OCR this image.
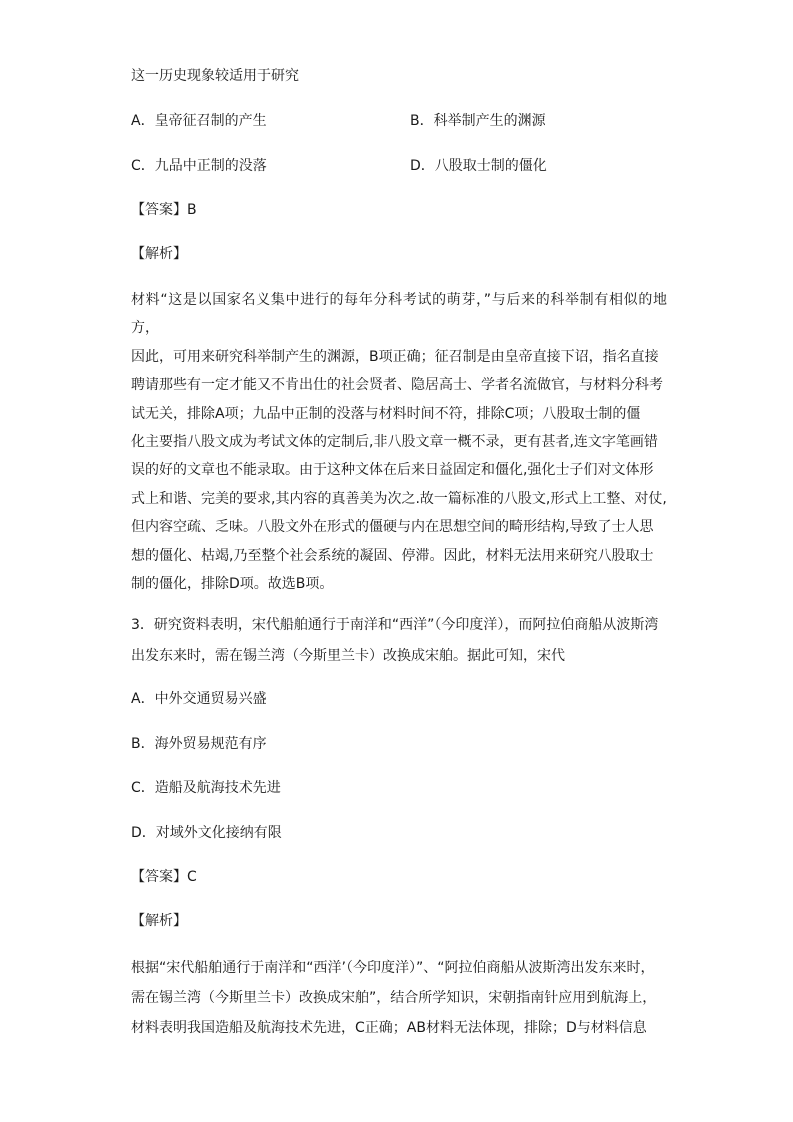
这一历史现象较适用于研究
A．皇帝征召制的产生	B．科举制产生的渊源
C．九品中正制的没落	D．八股取士制的僵化
【答案】B
【解析】

材料“这是以国家名义集中进行的每年分科考试的萌芽，”与后来的科举制有相似的地方，

因此，可用来研究科举制产生的渊源，B项正确；征召制是由皇帝直接下诏，指名直接

聘请那些有一定才能又不肯出仕的社会贤者、隐居高士、学者名流做官，与材料分科考

试无关，排除A项；九品中正制的没落与材料时间不符，排除C项；八股取士制的僵

化主要指八股文成为考试文体的定制后,非八股文章一概不录，更有甚者,连文字笔画错

误的好的文章也不能录取。由于这种文体在后来日益固定和僵化,强化士子们对文体形

式上和谐、完美的要求,其内容的真善美为次之.故一篇标准的八股文,形式上工整、对仗,

但内容空疏、乏味。八股文外在形式的僵硬与内在思想空间的畸形结构,导致了士人思

想的僵化、枯竭,乃至整个社会系统的凝固、停滞。因此，材料无法用来研究八股取士

制的僵化，排除D项。故选B项。

3．研究资料表明，宋代船舶通行于南洋和“西洋”（今印度洋），而阿拉伯商船从波斯湾

出发东来时，需在锡兰湾（今斯里兰卡）改换成宋舶。据此可知，宋代

A．中外交通贸易兴盛
B．海外贸易规范有序
C．造船及航海技术先进
D．对域外文化接纳有限
【答案】C
【解析】

根据“宋代船舶通行于南洋和“西洋’（今印度洋）”、“阿拉伯商船从波斯湾出发东来时，

需在锡兰湾（今斯里兰卡）改换成宋舶”，结合所学知识，宋朝指南针应用到航海上，

材料表明我国造船及航海技术先进，C正确；AB材料无法体现，排除；D与材料信息
